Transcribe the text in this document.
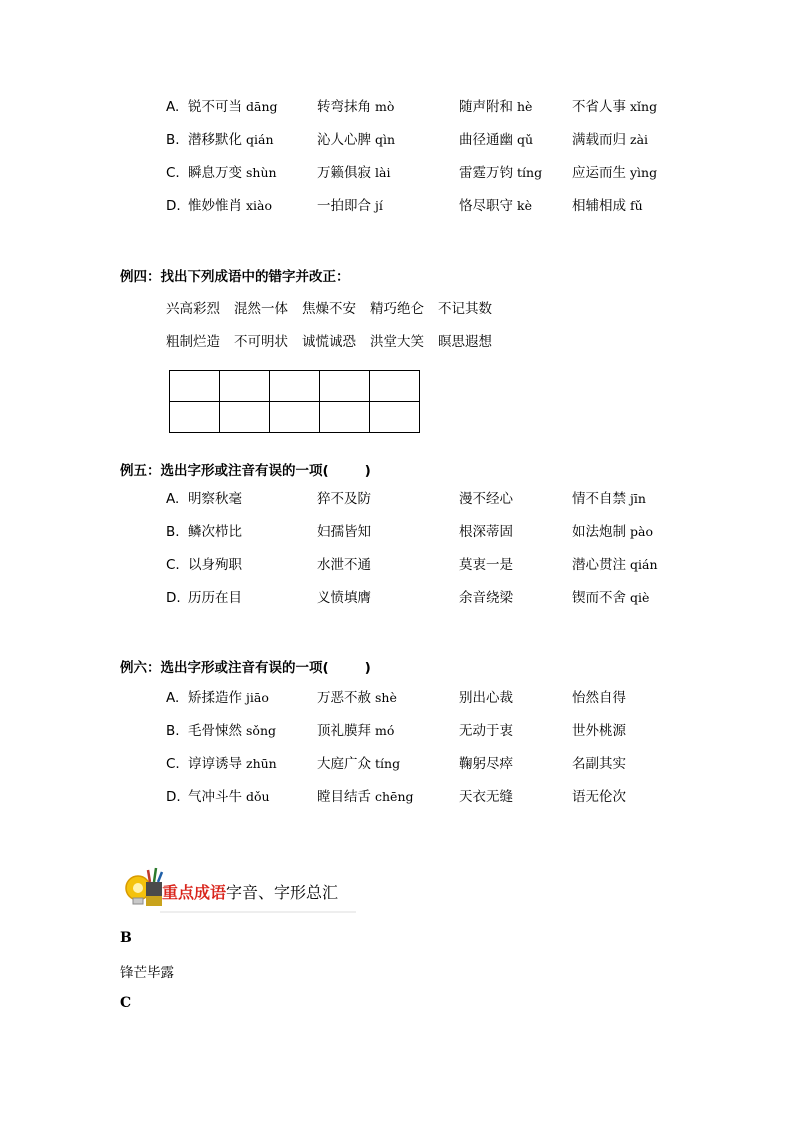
A. 锐不可当 dāng	转弯抹角 mò	随声附和 hè	不省人事 xǐng
B. 潜移默化 qián	沁人心脾 qìn	曲径通幽 qǔ	满载而归 zài
C. 瞬息万变 shùn	万籁俱寂 lài	雷霆万钧 tíng 应运而生 yìng
D. 惟妙惟肖 xiào	一拍即合 jí	恪尽职守 kè	相辅相成 fǔ
例四：找出下列成语中的错字并改正：
兴高彩烈 混然一体 焦燥不安 精巧绝仑 不记其数
粗制烂造 不可明状 诚慌诚恐 洪堂大笑 暝思遐想

例五：选出字形或注音有误的一项(	)
A. 明察秋毫	猝不及防	漫不经心	情不自禁 jīn
B. 鳞次栉比	妇孺皆知	根深蒂固	如法炮制 pào
C. 以身殉职	水泄不通	莫衷一是	潜心贯注 qián
D. 历历在目	义愤填膺	余音绕梁	锲而不舍 qiè
例六：选出字形或注音有误的一项(	)
A. 矫揉造作 jiāo	万恶不赦 shè	别出心裁	怡然自得
B. 毛骨悚然 sǒng	顶礼膜拜 mó	无动于衷	世外桃源
C. 谆谆诱导 zhūn	大庭广众 tíng	鞠躬尽瘁	名副其实
D. 气冲斗牛 dǒu	瞠目结舌 chēng	天衣无缝	语无伦次
重点成语字音、字形总汇
B
锋芒毕露
C
